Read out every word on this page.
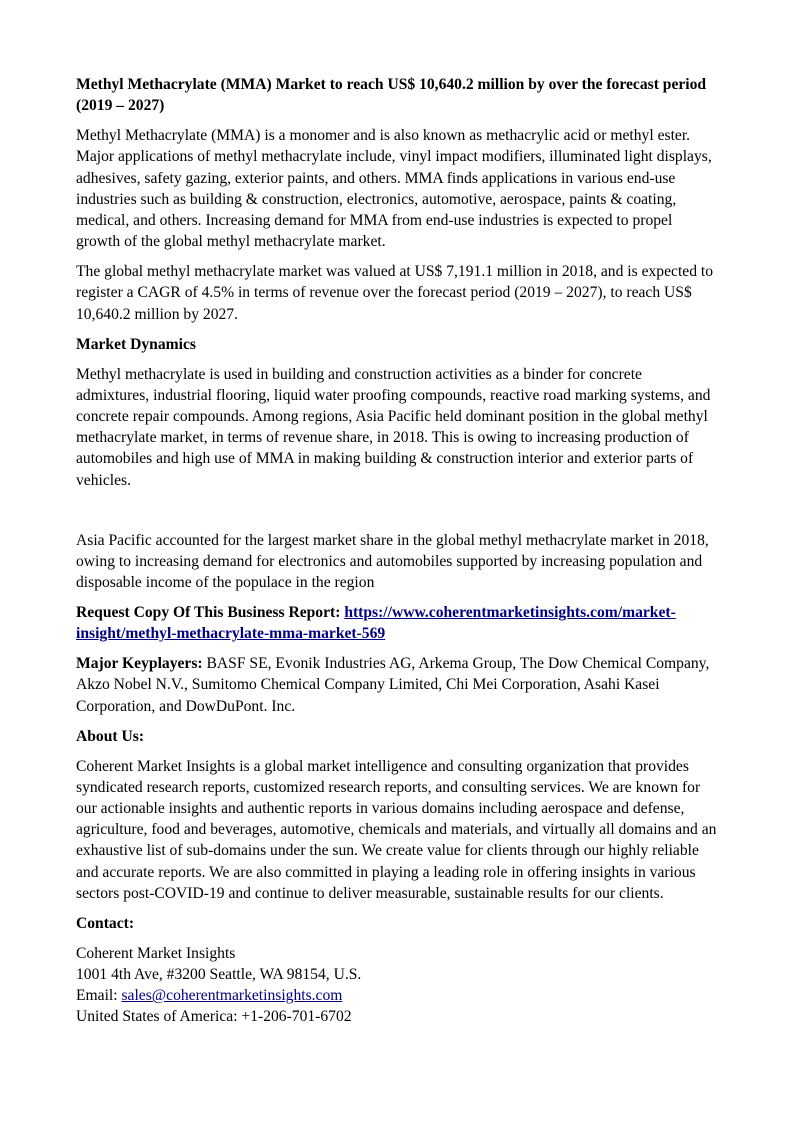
Methyl Methacrylate (MMA) Market to reach US$ 10,640.2 million by over the forecast period (2019 – 2027)

Methyl Methacrylate (MMA) is a monomer and is also known as methacrylic acid or methyl ester. Major applications of methyl methacrylate include, vinyl impact modifiers, illuminated light displays, adhesives, safety gazing, exterior paints, and others. MMA finds applications in various end-use industries such as building & construction, electronics, automotive, aerospace, paints & coating, medical, and others. Increasing demand for MMA from end-use industries is expected to propel growth of the global methyl methacrylate market.

The global methyl methacrylate market was valued at US$ 7,191.1 million in 2018, and is expected to register a CAGR of 4.5% in terms of revenue over the forecast period (2019 – 2027), to reach US$ 10,640.2 million by 2027.

Market Dynamics

Methyl methacrylate is used in building and construction activities as a binder for concrete admixtures, industrial flooring, liquid water proofing compounds, reactive road marking systems, and concrete repair compounds. Among regions, Asia Pacific held dominant position in the global methyl methacrylate market, in terms of revenue share, in 2018. This is owing to increasing production of automobiles and high use of MMA in making building & construction interior and exterior parts of vehicles.

Asia Pacific accounted for the largest market share in the global methyl methacrylate market in 2018, owing to increasing demand for electronics and automobiles supported by increasing population and disposable income of the populace in the region

Request Copy Of This Business Report: https://www.coherentmarketinsights.com/market-insight/methyl-methacrylate-mma-market-569

Major Keyplayers: BASF SE, Evonik Industries AG, Arkema Group, The Dow Chemical Company, Akzo Nobel N.V., Sumitomo Chemical Company Limited, Chi Mei Corporation, Asahi Kasei Corporation, and DowDuPont. Inc.

About Us:

Coherent Market Insights is a global market intelligence and consulting organization that provides syndicated research reports, customized research reports, and consulting services. We are known for our actionable insights and authentic reports in various domains including aerospace and defense, agriculture, food and beverages, automotive, chemicals and materials, and virtually all domains and an exhaustive list of sub-domains under the sun. We create value for clients through our highly reliable and accurate reports. We are also committed in playing a leading role in offering insights in various sectors post-COVID-19 and continue to deliver measurable, sustainable results for our clients.

Contact:

Coherent Market Insights

1001 4th Ave, #3200 Seattle, WA 98154, U.S.

Email: sales@coherentmarketinsights.com

United States of America: +1-206-701-6702
